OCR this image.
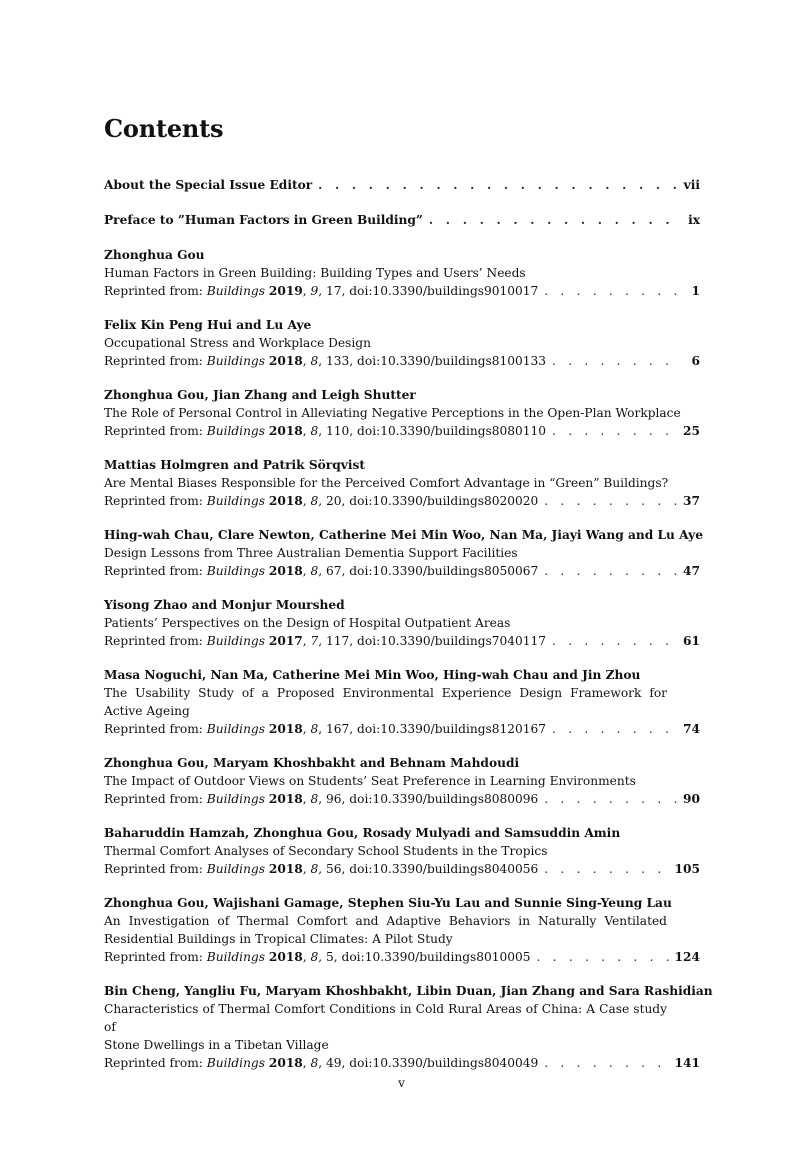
Contents
About the Special Issue Editor . . .	vii
Preface to ”Human Factors in Green Building” . . .	ix
Zhonghua Gou
Human Factors in Green Building: Building Types and Users’ Needs
Reprinted from: Buildings 2019, 9, 17, doi:10.3390/buildings9010017 . . .	1
Felix Kin Peng Hui and Lu Aye
Occupational Stress and Workplace Design
Reprinted from: Buildings 2018, 8, 133, doi:10.3390/buildings8100133 . . .	6
Zhonghua Gou, Jian Zhang and Leigh Shutter
The Role of Personal Control in Alleviating Negative Perceptions in the Open-Plan Workplace
Reprinted from: Buildings 2018, 8, 110, doi:10.3390/buildings8080110 . . .	25
Mattias Holmgren and Patrik Sörqvist
Are Mental Biases Responsible for the Perceived Comfort Advantage in “Green” Buildings?
Reprinted from: Buildings 2018, 8, 20, doi:10.3390/buildings8020020 . . .	37
Hing-wah Chau, Clare Newton, Catherine Mei Min Woo, Nan Ma, Jiayi Wang and Lu Aye
Design Lessons from Three Australian Dementia Support Facilities
Reprinted from: Buildings 2018, 8, 67, doi:10.3390/buildings8050067 . . .	47
Yisong Zhao and Monjur Mourshed
Patients’ Perspectives on the Design of Hospital Outpatient Areas
Reprinted from: Buildings 2017, 7, 117, doi:10.3390/buildings7040117 . . .	61
Masa Noguchi, Nan Ma, Catherine Mei Min Woo, Hing-wah Chau and Jin Zhou
The Usability Study of a Proposed Environmental Experience Design Framework for
Active Ageing
Reprinted from: Buildings 2018, 8, 167, doi:10.3390/buildings8120167 . . .	74
Zhonghua Gou, Maryam Khoshbakht and Behnam Mahdoudi
The Impact of Outdoor Views on Students’ Seat Preference in Learning Environments
Reprinted from: Buildings 2018, 8, 96, doi:10.3390/buildings8080096 . . .	90
Baharuddin Hamzah, Zhonghua Gou, Rosady Mulyadi and Samsuddin Amin
Thermal Comfort Analyses of Secondary School Students in the Tropics
Reprinted from: Buildings 2018, 8, 56, doi:10.3390/buildings8040056 . . .	105
Zhonghua Gou, Wajishani Gamage, Stephen Siu-Yu Lau and Sunnie Sing-Yeung Lau
An Investigation of Thermal Comfort and Adaptive Behaviors in Naturally Ventilated
Residential Buildings in Tropical Climates: A Pilot Study
Reprinted from: Buildings 2018, 8, 5, doi:10.3390/buildings8010005 . . .	124
Bin Cheng, Yangliu Fu, Maryam Khoshbakht, Libin Duan, Jian Zhang and Sara Rashidian
Characteristics of Thermal Comfort Conditions in Cold Rural Areas of China: A Case study of
Stone Dwellings in a Tibetan Village
Reprinted from: Buildings 2018, 8, 49, doi:10.3390/buildings8040049 . . .	141
v
